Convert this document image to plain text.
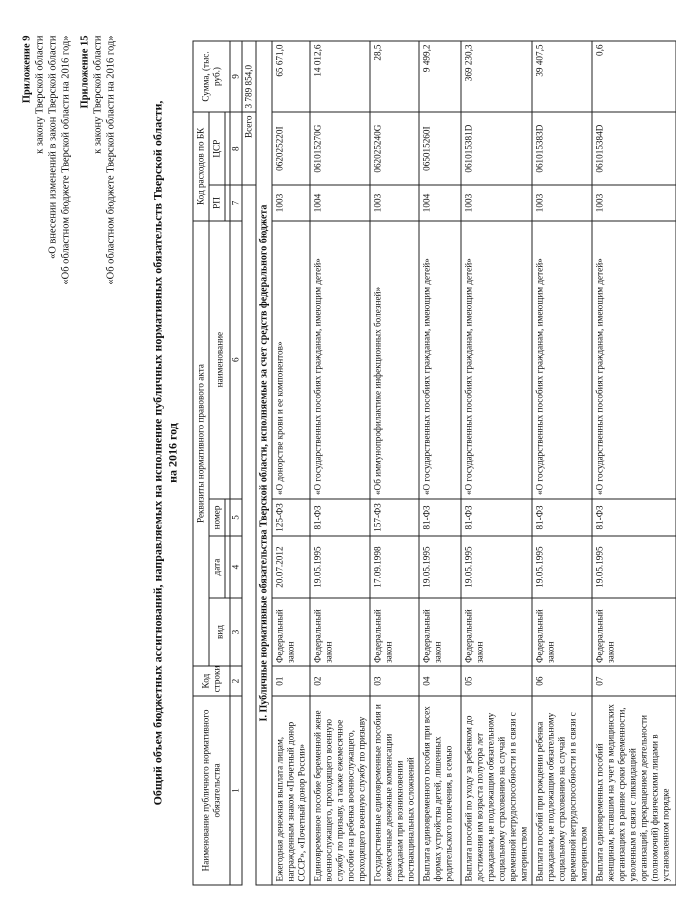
Приложение 9 к закону Тверской области «О внесении изменений в закон Тверской области «Об областном бюджете Тверской области на 2016 год» Приложение 15 к закону Тверской области «Об областном бюджете Тверской области на 2016 год»	Общий объем бюджетных ассигнований, направляемых на исполнение публичных нормативных обязательств Тверской области, на 2016 год
Наименование публичного нормативного обязательства	Код строки	Реквизиты нормативного правового акта				Код расходов по БК		Сумма, (тыс. руб.)
		вид	дата	номер	наименование	РП	ЦСР	

1	2	3	4	5	6	7	8	9
							Всего	3 789 854,0
I. Публичные нормативные обязательства Тверской области, исполняемые за счет средств федерального бюджета								
Ежегодная денежная выплата лицам, награжденным знаком «Почетный донор СССР», «Почетный донор России»	01	Федеральный закон	20.07.2012	125-ФЗ	«О донорстве крови и ее компонентов»	1003	062025220I	65 671,0
Единовременное пособие беременной жене военнослужащего, проходящего военную службу по призыву, а также ежемесячное пособие на ребенка военнослужащего, проходящего военную службу по призыву	02	Федеральный закон	19.05.1995	81-ФЗ	«О государственных пособиях гражданам, имеющим детей»	1004	061015270G	14 012,6
Государственные единовременные пособия и ежемесячные денежные компенсации гражданам при возникновении поствакцинальных осложнений	03	Федеральный закон	17.09.1998	157-ФЗ	«Об иммунопрофилактике инфекционных болезней»	1003	062025240G	28,5
Выплата единовременного пособия при всех формах устройства детей, лишенных родительского попечения, в семью	04	Федеральный закон	19.05.1995	81-ФЗ	«О государственных пособиях гражданам, имеющим детей»	1004	065015260I	9 499,2
Выплата пособий по уходу за ребенком до достижения им возраста полутора лет гражданам, не подлежащим обязательному социальному страхованию на случай временной нетрудоспособности и в связи с материнством	05	Федеральный закон	19.05.1995	81-ФЗ	«О государственных пособиях гражданам, имеющим детей»	1003	061015381D	369 230,3
Выплата пособий при рождении ребенка гражданам, не подлежащим обязательному социальному страхованию на случай временной нетрудоспособности и в связи с материнством	06	Федеральный закон	19.05.1995	81-ФЗ	«О государственных пособиях гражданам, имеющим детей»	1003	061015383D	39 407,5
Выплата единовременных пособий женщинам, вставшим на учет в медицинских организациях в ранние сроки беременности, уволенным в связи с ликвидацией организаций, прекращением деятельности (полномочий) физическими лицами в установленном порядке	07	Федеральный закон	19.05.1995	81-ФЗ	«О государственных пособиях гражданам, имеющим детей»	1003	061015384D	0,6
